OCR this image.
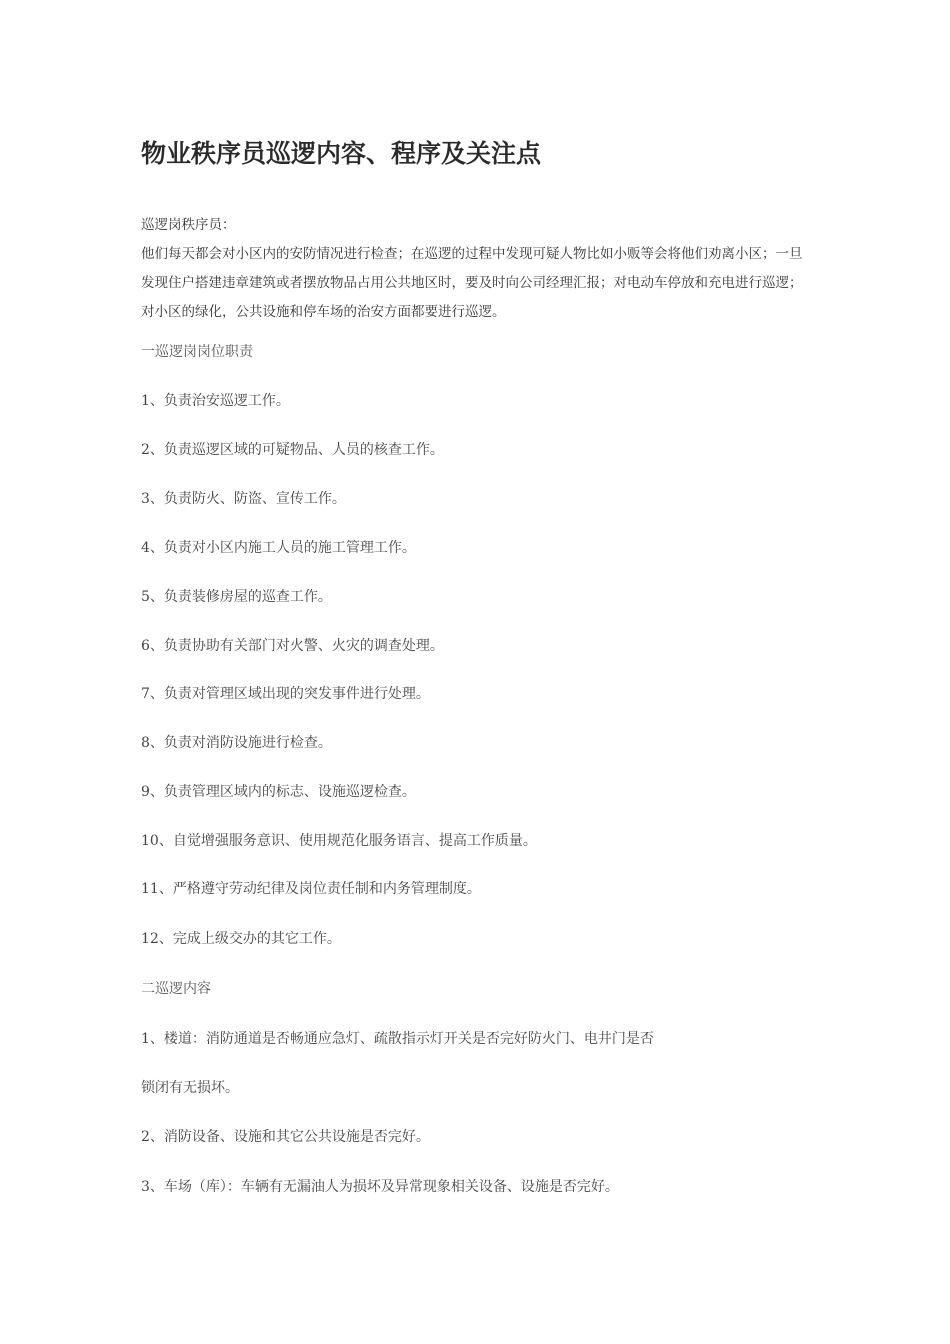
物业秩序员巡逻内容、程序及关注点

巡逻岗秩序员：

他们每天都会对小区内的安防情况进行检查；在巡逻的过程中发现可疑人物比如小贩等会将他们劝离小区；一旦发现住户搭建违章建筑或者摆放物品占用公共地区时，要及时向公司经理汇报；对电动车停放和充电进行巡逻；对小区的绿化，公共设施和停车场的治安方面都要进行巡逻。

一巡逻岗岗位职责

1、负责治安巡逻工作。

2、负责巡逻区域的可疑物品、人员的核查工作。

3、负责防火、防盗、宣传工作。

4、负责对小区内施工人员的施工管理工作。

5、负责装修房屋的巡查工作。

6、负责协助有关部门对火警、火灾的调查处理。

7、负责对管理区域出现的突发事件进行处理。

8、负责对消防设施进行检查。

9、负责管理区域内的标志、设施巡逻检查。

10、自觉增强服务意识、使用规范化服务语言、提高工作质量。

11、严格遵守劳动纪律及岗位责任制和内务管理制度。

12、完成上级交办的其它工作。

二巡逻内容

1、楼道：消防通道是否畅通应急灯、疏散指示灯开关是否完好防火门、电井门是否

锁闭有无损坏。

2、消防设备、设施和其它公共设施是否完好。

3、车场（库）：车辆有无漏油人为损坏及异常现象相关设备、设施是否完好。
